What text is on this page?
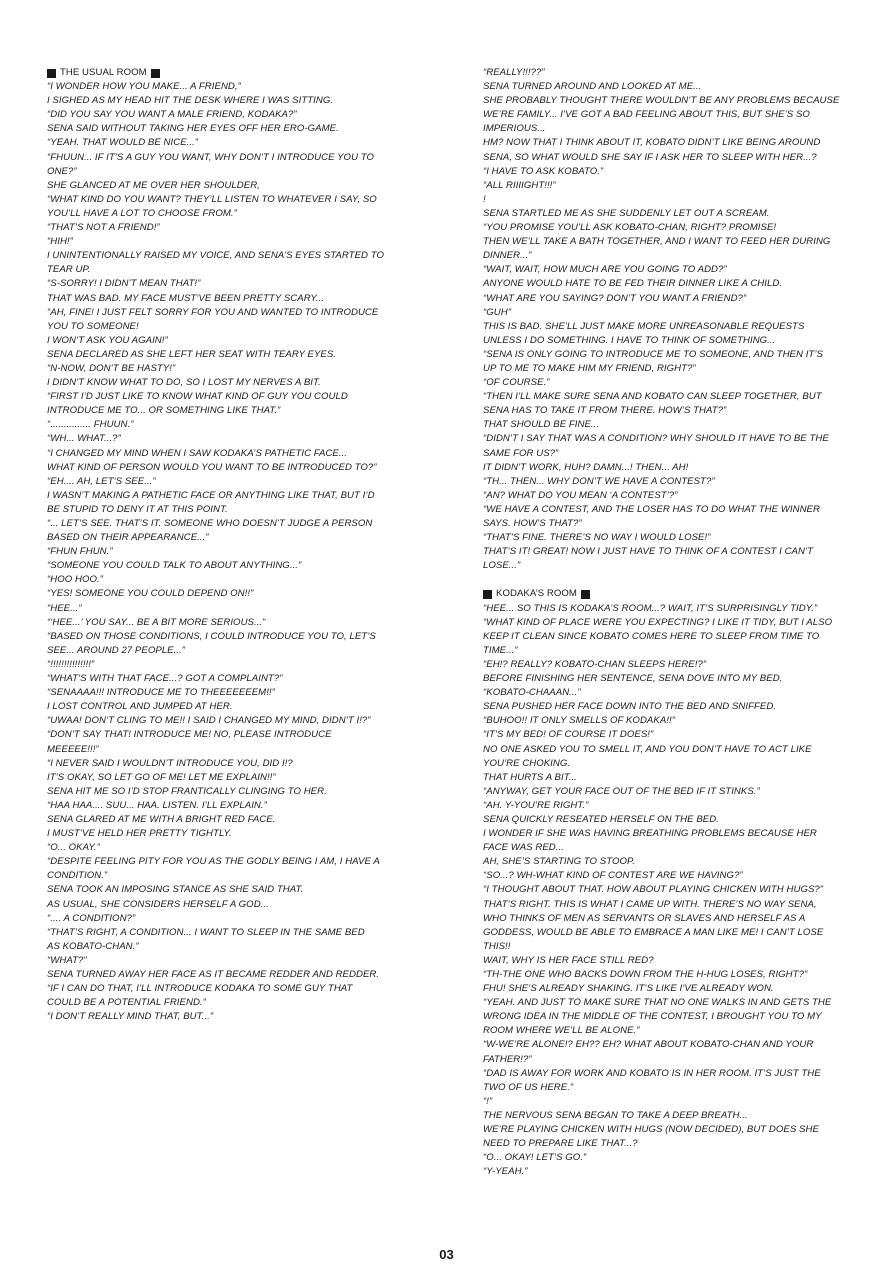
THE USUAL ROOM
“I WONDER HOW YOU MAKE... A FRIEND,”
I SIGHED AS MY HEAD HIT THE DESK WHERE I WAS SITTING.
“DID YOU SAY YOU WANT A MALE FRIEND, KODAKA?”
SENA SAID WITHOUT TAKING HER EYES OFF HER ERO-GAME.
“YEAH. THAT WOULD BE NICE...”
“FHUUN... IF IT’S A GUY YOU WANT, WHY DON’T I INTRODUCE YOU TO
ONE?”
SHE GLANCED AT ME OVER HER SHOULDER,
“WHAT KIND DO YOU WANT? THEY’LL LISTEN TO WHATEVER I SAY, SO
YOU’LL HAVE A LOT TO CHOOSE FROM.”
“THAT’S NOT A FRIEND!”
“HIH!”
I UNINTENTIONALLY RAISED MY VOICE, AND SENA’S EYES STARTED TO
TEAR UP.
“S-SORRY! I DIDN’T MEAN THAT!”
THAT WAS BAD. MY FACE MUST’VE BEEN PRETTY SCARY...
“AH, FINE! I JUST FELT SORRY FOR YOU AND WANTED TO INTRODUCE
YOU TO SOMEONE!
I WON’T ASK YOU AGAIN!”
SENA DECLARED AS SHE LEFT HER SEAT WITH TEARY EYES.
“N-NOW, DON’T BE HASTY!”
I DIDN’T KNOW WHAT TO DO, SO I LOST MY NERVES A BIT.
“FIRST I’D JUST LIKE TO KNOW WHAT KIND OF GUY YOU COULD
INTRODUCE ME TO... OR SOMETHING LIKE THAT.”
“............... FHUUN.”
“WH... WHAT...?”
“I CHANGED MY MIND WHEN I SAW KODAKA’S PATHETIC FACE...
WHAT KIND OF PERSON WOULD YOU WANT TO BE INTRODUCED TO?”
“EH.... AH, LET’S SEE...”
I WASN’T MAKING A PATHETIC FACE OR ANYTHING LIKE THAT, BUT I’D
BE STUPID TO DENY IT AT THIS POINT.
“... LET’S SEE. THAT’S IT. SOMEONE WHO DOESN’T JUDGE A PERSON
BASED ON THEIR APPEARANCE...”
“FHUN FHUN.”
“SOMEONE YOU COULD TALK TO ABOUT ANYTHING...”
“HOO HOO.”
“YES! SOMEONE YOU COULD DEPEND ON!!”
“HEE...”
“‘HEE...’ YOU SAY... BE A BIT MORE SERIOUS...”
“BASED ON THOSE CONDITIONS, I COULD INTRODUCE YOU TO, LET’S
SEE... AROUND 27 PEOPLE...”
“!!!!!!!!!!!!!!!”
“WHAT’S WITH THAT FACE...? GOT A COMPLAINT?”
“SENAAAA!!! INTRODUCE ME TO THEEEEEEEM!!”
I LOST CONTROL AND JUMPED AT HER.
“UWAA! DON’T CLING TO ME!! I SAID I CHANGED MY MIND, DIDN’T I!?”
“DON’T SAY THAT! INTRODUCE ME! NO, PLEASE INTRODUCE
MEEEEE!!!”
“I NEVER SAID I WOULDN’T INTRODUCE YOU, DID I!?
IT’S OKAY, SO LET GO OF ME! LET ME EXPLAIN!!”
SENA HIT ME SO I’D STOP FRANTICALLY CLINGING TO HER.
“HAA HAA.... SUU... HAA. LISTEN. I’LL EXPLAIN.”
SENA GLARED AT ME WITH A BRIGHT RED FACE.
I MUST’VE HELD HER PRETTY TIGHTLY.
“O... OKAY.”
“DESPITE FEELING PITY FOR YOU AS THE GODLY BEING I AM, I HAVE A
CONDITION.”
SENA TOOK AN IMPOSING STANCE AS SHE SAID THAT.
AS USUAL, SHE CONSIDERS HERSELF A GOD...
“.... A CONDITION?”
“THAT’S RIGHT, A CONDITION... I WANT TO SLEEP IN THE SAME BED
AS KOBATO-CHAN.”
“WHAT?”
SENA TURNED AWAY HER FACE AS IT BECAME REDDER AND REDDER.
“IF I CAN DO THAT, I’LL INTRODUCE KODAKA TO SOME GUY THAT
COULD BE A POTENTIAL FRIEND.”
“I DON’T REALLY MIND THAT, BUT...”
“REALLY!!!??”
SENA TURNED AROUND AND LOOKED AT ME...
SHE PROBABLY THOUGHT THERE WOULDN’T BE ANY PROBLEMS BECAUSE
WE’RE FAMILY... I’VE GOT A BAD FEELING ABOUT THIS, BUT SHE’S SO
IMPERIOUS...
HM? NOW THAT I THINK ABOUT IT, KOBATO DIDN’T LIKE BEING AROUND
SENA, SO WHAT WOULD SHE SAY IF I ASK HER TO SLEEP WITH HER...?
“I HAVE TO ASK KOBATO.”
“ALL RIIIIGHT!!!”
!
SENA STARTLED ME AS SHE SUDDENLY LET OUT A SCREAM.
“YOU PROMISE YOU’LL ASK KOBATO-CHAN, RIGHT? PROMISE!
THEN WE’LL TAKE A BATH TOGETHER, AND I WANT TO FEED HER DURING
DINNER...”
“WAIT, WAIT, HOW MUCH ARE YOU GOING TO ADD?”
ANYONE WOULD HATE TO BE FED THEIR DINNER LIKE A CHILD.
“WHAT ARE YOU SAYING? DON’T YOU WANT A FRIEND?”
“GUH”
THIS IS BAD. SHE’LL JUST MAKE MORE UNREASONABLE REQUESTS
UNLESS I DO SOMETHING. I HAVE TO THINK OF SOMETHING...
“SENA IS ONLY GOING TO INTRODUCE ME TO SOMEONE, AND THEN IT’S
UP TO ME TO MAKE HIM MY FRIEND, RIGHT?”
“OF COURSE.”
“THEN I’LL MAKE SURE SENA AND KOBATO CAN SLEEP TOGETHER, BUT
SENA HAS TO TAKE IT FROM THERE. HOW’S THAT?”
THAT SHOULD BE FINE...
“DIDN’T I SAY THAT WAS A CONDITION? WHY SHOULD IT HAVE TO BE THE
SAME FOR US?”
IT DIDN’T WORK, HUH? DAMN...! THEN... AH!
“TH... THEN... WHY DON’T WE HAVE A CONTEST?”
“AN? WHAT DO YOU MEAN ‘A CONTEST’?”
“WE HAVE A CONTEST, AND THE LOSER HAS TO DO WHAT THE WINNER
SAYS. HOW’S THAT?”
“THAT’S FINE. THERE’S NO WAY I WOULD LOSE!”
THAT’S IT! GREAT! NOW I JUST HAVE TO THINK OF A CONTEST I CAN’T
LOSE...”
KODAKA’S ROOM
“HEE... SO THIS IS KODAKA’S ROOM...? WAIT, IT’S SURPRISINGLY TIDY.”
“WHAT KIND OF PLACE WERE YOU EXPECTING? I LIKE IT TIDY, BUT I ALSO
KEEP IT CLEAN SINCE KOBATO COMES HERE TO SLEEP FROM TIME TO
TIME...”
“EH!? REALLY? KOBATO-CHAN SLEEPS HERE!?”
BEFORE FINISHING HER SENTENCE, SENA DOVE INTO MY BED.
“KOBATO-CHAAAN...”
SENA PUSHED HER FACE DOWN INTO THE BED AND SNIFFED.
“BUHOO!! IT ONLY SMELLS OF KODAKA!!”
“IT’S MY BED! OF COURSE IT DOES!”
NO ONE ASKED YOU TO SMELL IT, AND YOU DON’T HAVE TO ACT LIKE
YOU’RE CHOKING.
THAT HURTS A BIT...
“ANYWAY, GET YOUR FACE OUT OF THE BED IF IT STINKS.”
“AH. Y-YOU’RE RIGHT.”
SENA QUICKLY RESEATED HERSELF ON THE BED.
I WONDER IF SHE WAS HAVING BREATHING PROBLEMS BECAUSE HER
FACE WAS RED...
AH, SHE’S STARTING TO STOOP.
“SO...? WH-WHAT KIND OF CONTEST ARE WE HAVING?”
“I THOUGHT ABOUT THAT. HOW ABOUT PLAYING CHICKEN WITH HUGS?”
THAT’S RIGHT. THIS IS WHAT I CAME UP WITH. THERE’S NO WAY SENA,
WHO THINKS OF MEN AS SERVANTS OR SLAVES AND HERSELF AS A
GODDESS, WOULD BE ABLE TO EMBRACE A MAN LIKE ME! I CAN’T LOSE
THIS!!
WAIT, WHY IS HER FACE STILL RED?
“TH-THE ONE WHO BACKS DOWN FROM THE H-HUG LOSES, RIGHT?”
FHU! SHE’S ALREADY SHAKING. IT’S LIKE I’VE ALREADY WON.
“YEAH. AND JUST TO MAKE SURE THAT NO ONE WALKS IN AND GETS THE
WRONG IDEA IN THE MIDDLE OF THE CONTEST, I BROUGHT YOU TO MY
ROOM WHERE WE’LL BE ALONE.”
“W-WE’RE ALONE!? EH?? EH? WHAT ABOUT KOBATO-CHAN AND YOUR
FATHER!?”
“DAD IS AWAY FOR WORK AND KOBATO IS IN HER ROOM. IT’S JUST THE
TWO OF US HERE.”
“!”
THE NERVOUS SENA BEGAN TO TAKE A DEEP BREATH...
WE’RE PLAYING CHICKEN WITH HUGS (NOW DECIDED), BUT DOES SHE
NEED TO PREPARE LIKE THAT...?
“O... OKAY! LET’S GO.”
“Y-YEAH.”
03
